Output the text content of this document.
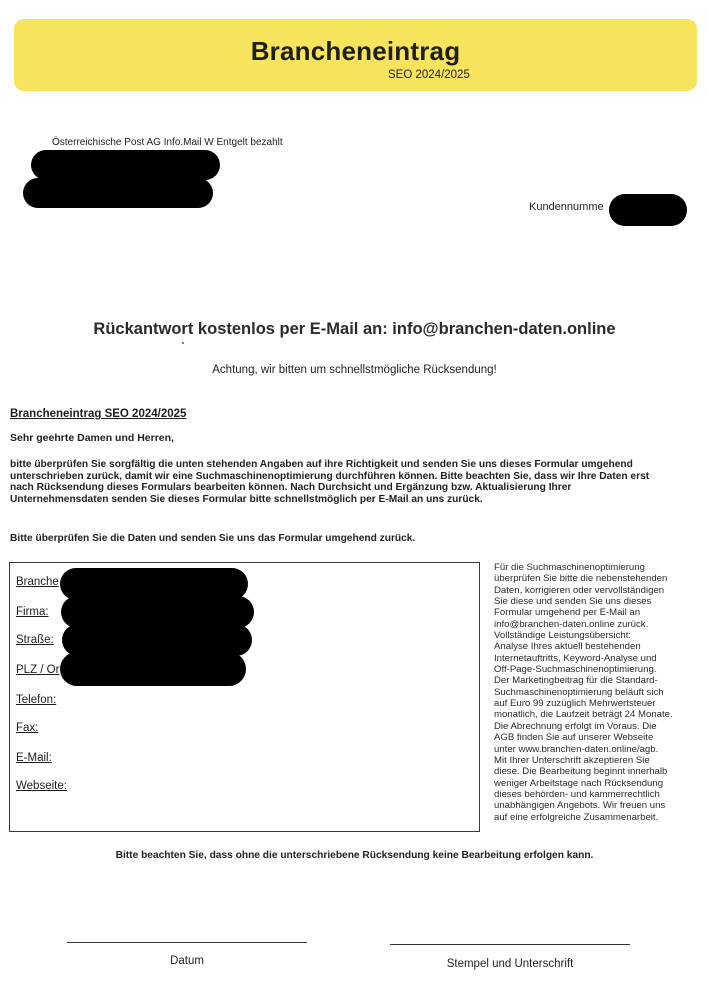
Brancheneintrag
SEO 2024/2025
Österreichische Post AG Info.Mail W Entgelt bezahlt
Kundennumme
Rückantwort kostenlos per E-Mail an: info@branchen-daten.online
Achtung, wir bitten um schnellstmögliche Rücksendung!
Brancheneintrag SEO 2024/2025
Sehr geehrte Damen und Herren,
bitte überprüfen Sie sorgfältig die unten stehenden Angaben auf ihre Richtigkeit und senden Sie uns dieses Formular umgehend
unterschrieben zurück, damit wir eine Suchmaschinenoptimierung durchführen können. Bitte beachten Sie, dass wir Ihre Daten erst
nach Rücksendung dieses Formulars bearbeiten können. Nach Durchsicht und Ergänzung bzw. Aktualisierung Ihrer
Unternehmensdaten senden Sie dieses Formular bitte schnellstmöglich per E-Mail an uns zurück.
Bitte überprüfen Sie die Daten und senden Sie uns das Formular umgehend zurück.
Branche
Firma:
Straße:
PLZ / Or
Telefon:
Fax:
E-Mail:
Webseite:
Für die Suchmaschinenoptimierung
überprüfen Sie bitte die nebenstehenden
Daten, korrigieren oder vervollständigen
Sie diese und senden Sie uns dieses
Formular umgehend per E-Mail an
info@branchen-daten.online zurück.
Vollständige Leistungsübersicht:
Analyse Ihres aktuell bestehenden
Internetauftritts, Keyword-Analyse und
Off-Page-Suchmaschinenoptimierung.
Der Marketingbeitrag für die Standard-
Suchmaschinenoptimierung beläuft sich
auf Euro 99 zuzüglich Mehrwertsteuer
monatlich, die Laufzeit beträgt 24 Monate.
Die Abrechnung erfolgt im Voraus. Die
AGB finden Sie auf unserer Webseite
unter www.branchen-daten.online/agb.
Mit Ihrer Unterschrift akzeptieren Sie
diese. Die Bearbeitung beginnt innerhalb
weniger Arbeitstage nach Rücksendung
dieses behörden- und kammerrechtlich
unabhängigen Angebots. Wir freuen uns
auf eine erfolgreiche Zusammenarbeit.
Bitte beachten Sie, dass ohne die unterschriebene Rücksendung keine Bearbeitung erfolgen kann.
Datum	Stempel und Unterschrift
